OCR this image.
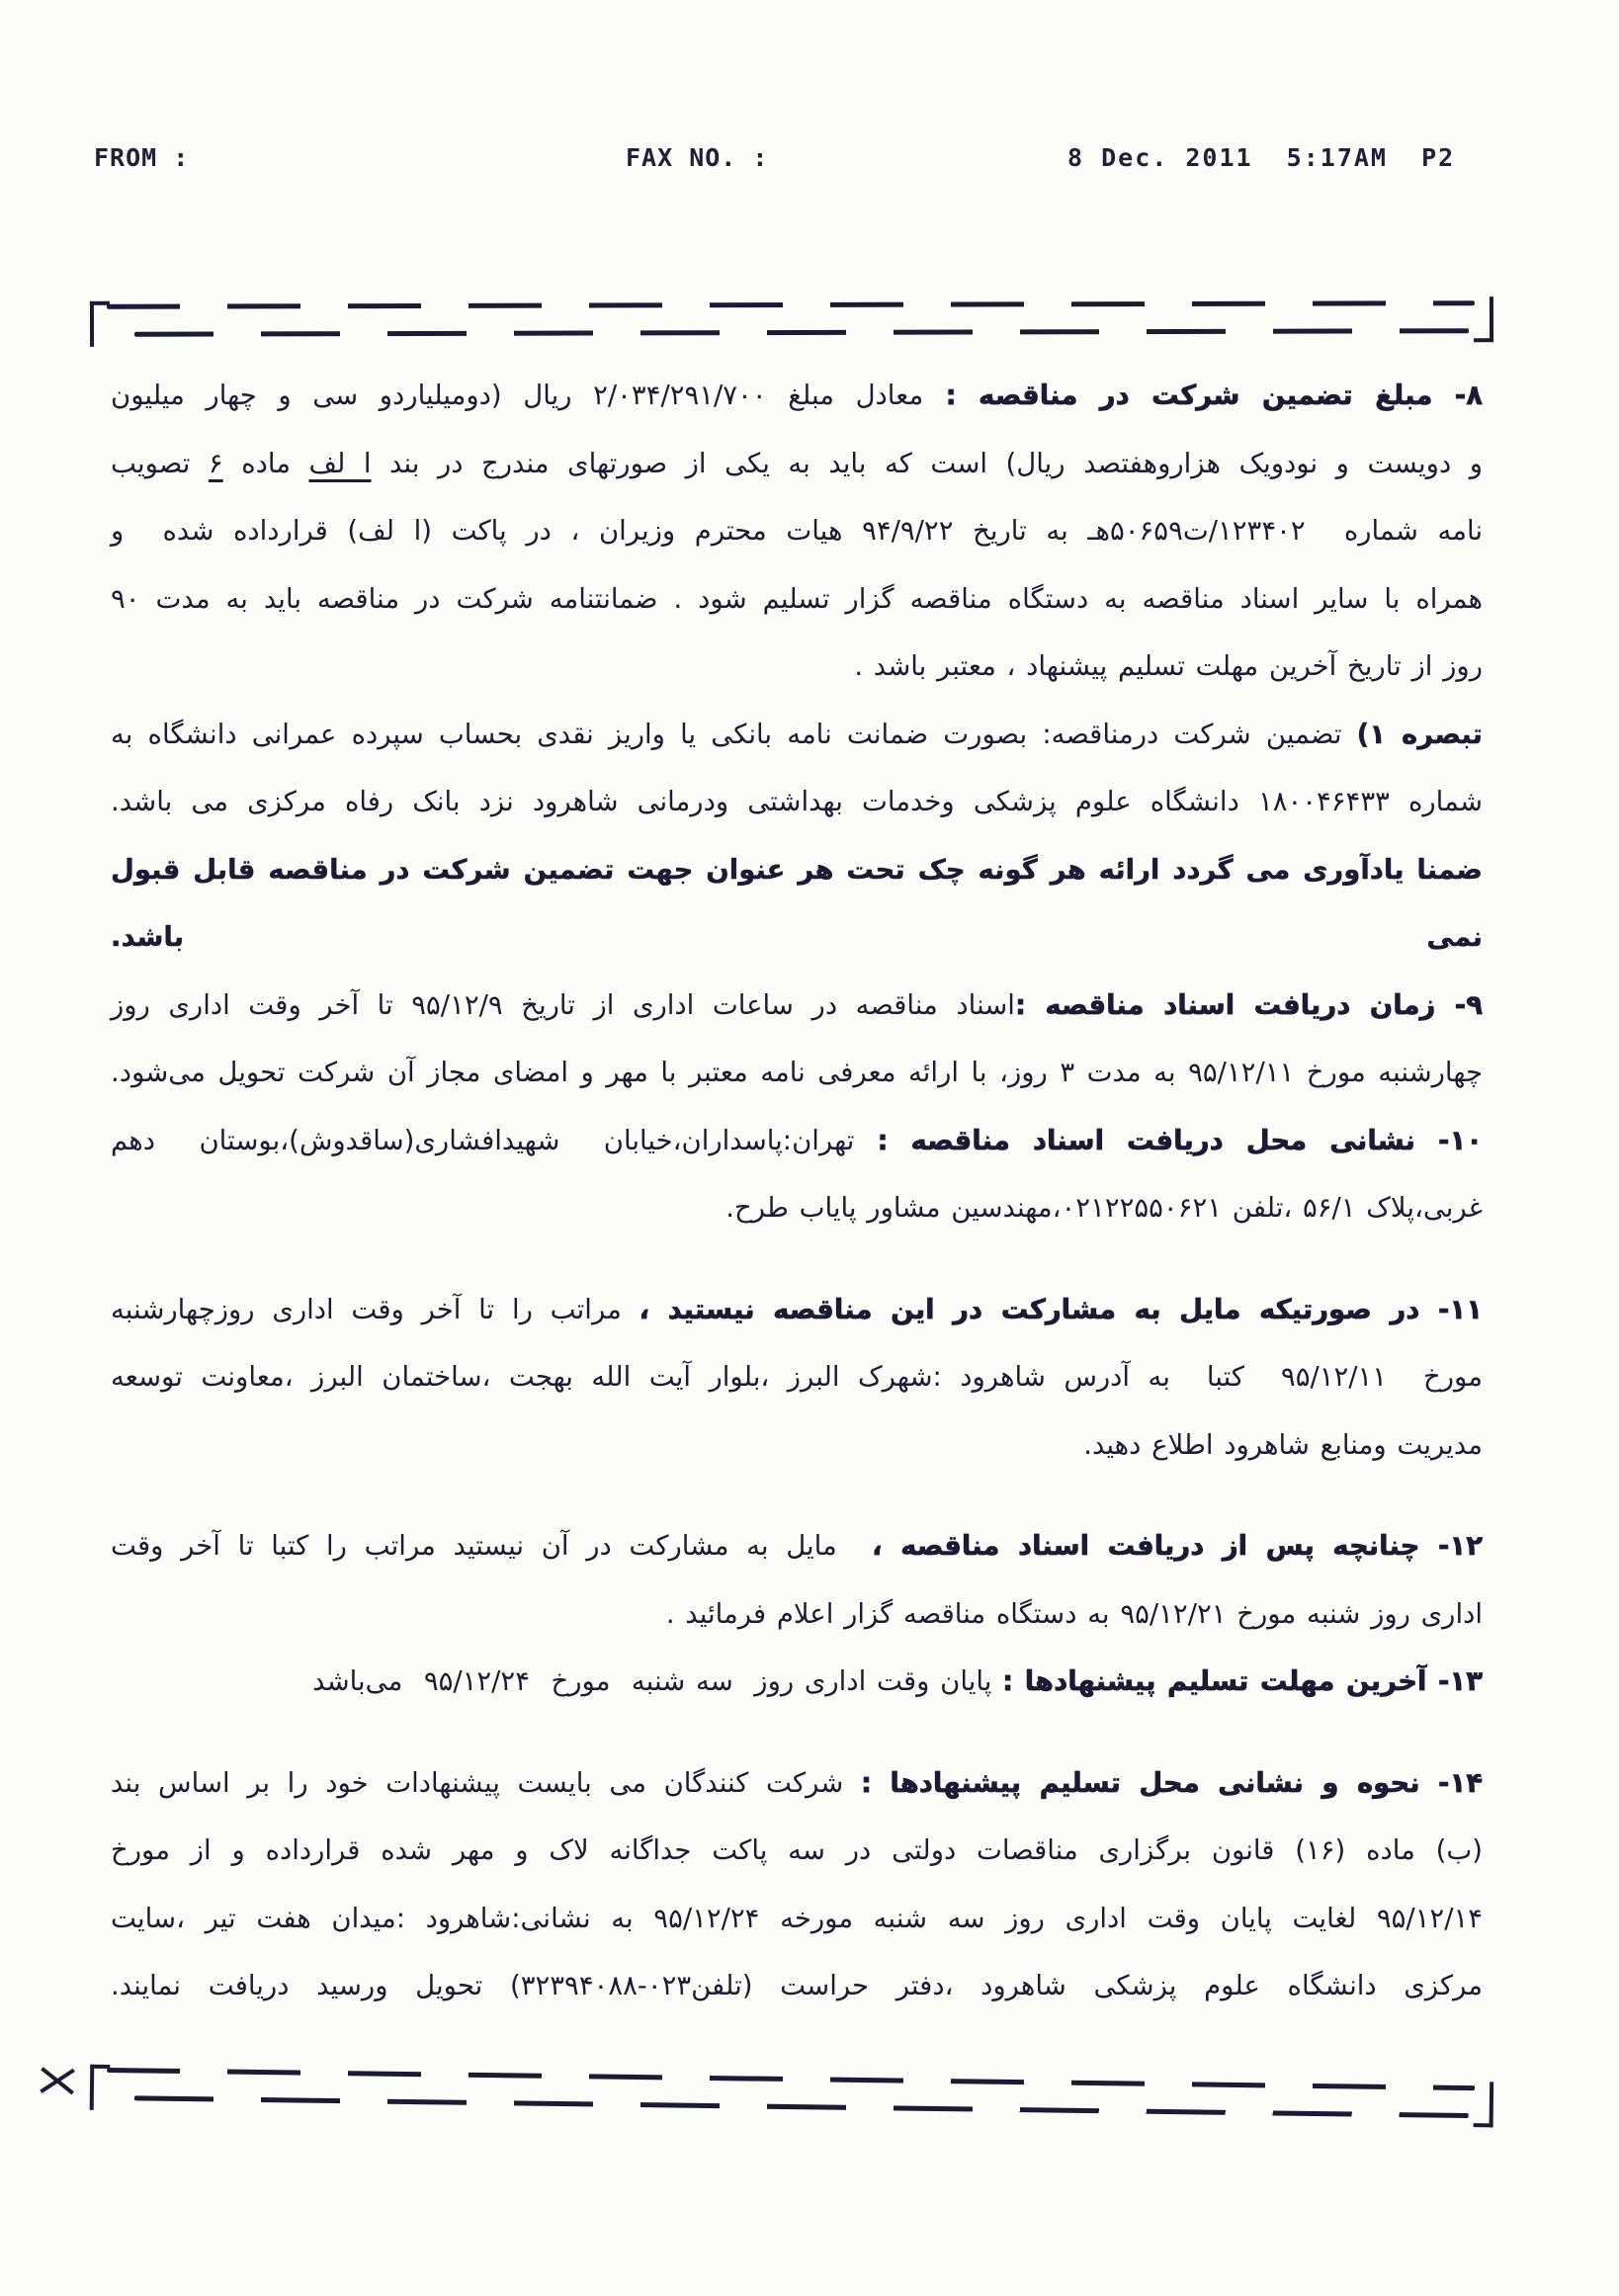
FROM :	FAX NO. :	8 Dec. 2011  5:17AM  P2
۸- مبلغ تضمین شرکت در مناقصه : معادل مبلغ ۲/۰۳۴/۲۹۱/۷۰۰ ریال (دومیلیاردو سی و چهار میلیون
و دویست و نودویک هزاروهفتصد ریال) است که باید به یکی از صورتهای مندرج در بند ا لف ماده ۶ تصویب
نامه شماره  ۱۲۳۴۰۲/ت۵۰۶۵۹هـ به تاریخ ۹۴/۹/۲۲ هیات محترم وزیران ، در پاکت (ا لف) قرارداده شده  و
همراه با سایر اسناد مناقصه به دستگاه مناقصه گزار تسلیم شود . ضمانتنامه شرکت در مناقصه باید به مدت ۹۰
روز از تاریخ آخرین مهلت تسلیم پیشنهاد ، معتبر باشد .
تبصره ۱) تضمین شرکت درمناقصه: بصورت ضمانت نامه بانکی یا واریز نقدی بحساب سپرده عمرانی دانشگاه به
شماره ۱۸۰۰۴۶۴۳۳ دانشگاه علوم پزشکی وخدمات بهداشتی ودرمانی شاهرود نزد بانک رفاه مرکزی می باشد.
ضمنا یادآوری می گردد ارائه هر گونه چک تحت هر عنوان جهت تضمین شرکت در مناقصه قابل قبول نمی باشد.
۹- زمان دریافت اسناد مناقصه :اسناد مناقصه در ساعات اداری از تاریخ ۹۵/۱۲/۹ تا آخر وقت اداری روز
چهارشنبه مورخ ۹۵/۱۲/۱۱ به مدت ۳ روز، با ارائه معرفی نامه معتبر با مهر و امضای مجاز آن شرکت تحویل می‌شود.
۱۰- نشانی محل دریافت اسناد مناقصه : تهران:پاسداران،خیابان  شهیدافشاری(ساقدوش)،بوستان  دهم
غربی،پلاک ۵۶/۱ ،تلفن ۰۲۱۲۲۵۵۰۶۲۱،مهندسین مشاور پایاب طرح.
۱۱- در صورتیکه مایل به مشارکت در این مناقصه نیستید ، مراتب را تا آخر وقت اداری روزچهارشنبه
مورخ  ۹۵/۱۲/۱۱  کتبا  به آدرس شاهرود :شهرک البرز ،بلوار آیت الله بهجت ،ساختمان البرز ،معاونت توسعه
مدیریت ومنابع شاهرود اطلاع دهید.
۱۲- چنانچه پس از دریافت اسناد مناقصه ،  مایل به مشارکت در آن نیستید مراتب را کتبا تا آخر وقت
اداری روز شنبه مورخ ۹۵/۱۲/۲۱ به دستگاه مناقصه گزار اعلام فرمائید .
۱۳- آخرین مهلت تسلیم پیشنهادها : پایان وقت اداری روز  سه شنبه  مورخ  ۹۵/۱۲/۲۴  می‌باشد
۱۴- نحوه و نشانی محل تسلیم پیشنهادها : شرکت کنندگان می بایست پیشنهادات خود را بر اساس بند
(ب) ماده (۱۶) قانون برگزاری مناقصات دولتی در سه پاکت جداگانه لاک و مهر شده قرارداده و از مورخ
۹۵/۱۲/۱۴ لغایت پایان وقت اداری روز سه شنبه مورخه ۹۵/۱۲/۲۴ به نشانی:شاهرود :میدان هفت تیر ،سایت
مرکزی دانشگاه علوم پزشکی شاهرود ،دفتر حراست (تلفن۰۲۳-۳۲۳۹۴۰۸۸) تحویل ورسید دریافت نمایند.
